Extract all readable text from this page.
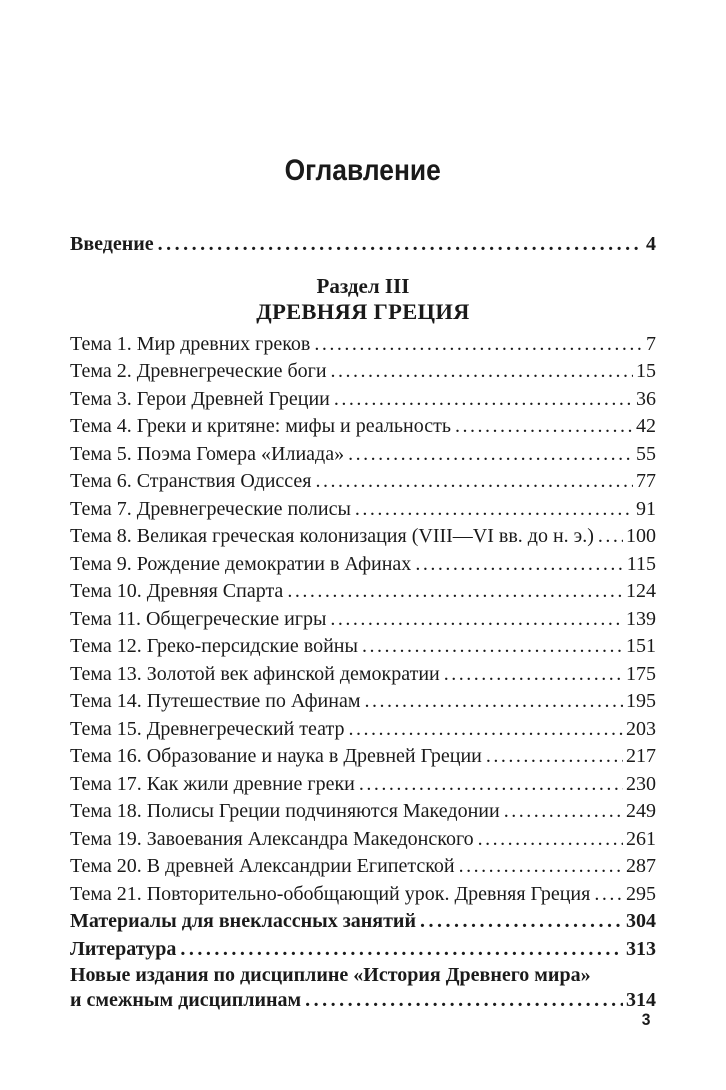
Оглавление
Введение .....	4
Раздел III
ДРЕВНЯЯ ГРЕЦИЯ
Тема 1. Мир древних греков .....	7
Тема 2. Древнегреческие боги .....	15
Тема 3. Герои Древней Греции .....	36
Тема 4. Греки и критяне: мифы и реальность .....	42
Тема 5. Поэма Гомера «Илиада» .....	55
Тема 6. Странствия Одиссея .....	77
Тема 7. Древнегреческие полисы .....	91
Тема 8. Великая греческая колонизация (VIII—VI вв. до н. э.) ..... 100
Тема 9. Рождение демократии в Афинах .....	115
Тема 10. Древняя Спарта .....	124
Тема 11. Общегреческие игры .....	139
Тема 12. Греко-персидские войны .....	151
Тема 13. Золотой век афинской демократии .....	175
Тема 14. Путешествие по Афинам .....	195
Тема 15. Древнегреческий театр .....	203
Тема 16. Образование и наука в Древней Греции .....	217
Тема 17. Как жили древние греки .....	230
Тема 18. Полисы Греции подчиняются Македонии .....	249
Тема 19. Завоевания Александра Македонского .....	261
Тема 20. В древней Александрии Египетской .....	287
Тема 21. Повторительно-обобщающий урок. Древняя Греция ..... 295
Материалы для внеклассных занятий .....	304
Литература .....	313
Новые издания по дисциплине «История Древнего мира»
и смежным дисциплинам .....	314
3
